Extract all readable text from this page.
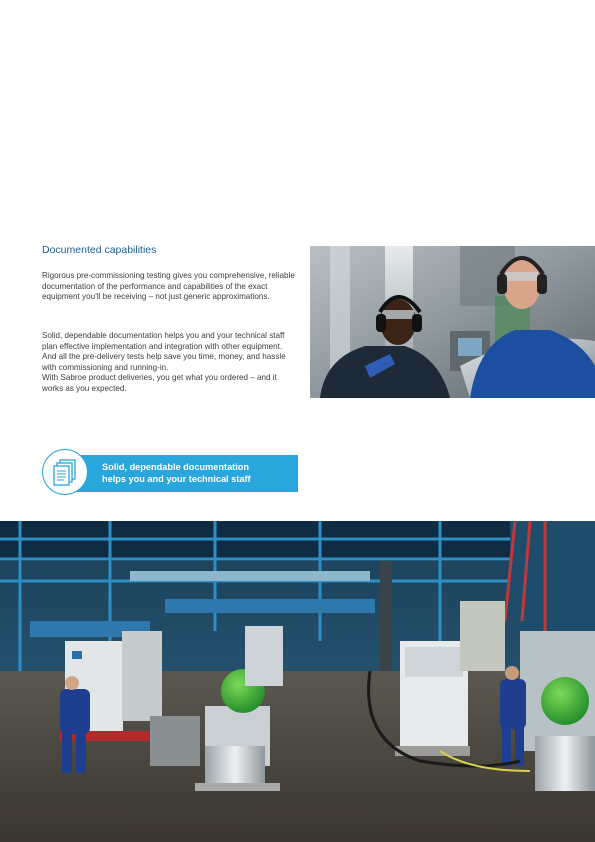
Documented capabilities

Rigorous pre-commissioning testing gives you comprehensive, reliable documentation of the performance and capabilities of the exact equipment you’ll be receiving – not just generic approximations.

Solid, dependable documentation helps you and your technical staff plan effective implementation and integration with other equipment. And all the pre-delivery tests help save you time, money, and hassle with commissioning and running-in.
With Sabroe product deliveries, you get what you ordered – and it works as you expected.

Solid, dependable documentation
helps you and your technical staff
